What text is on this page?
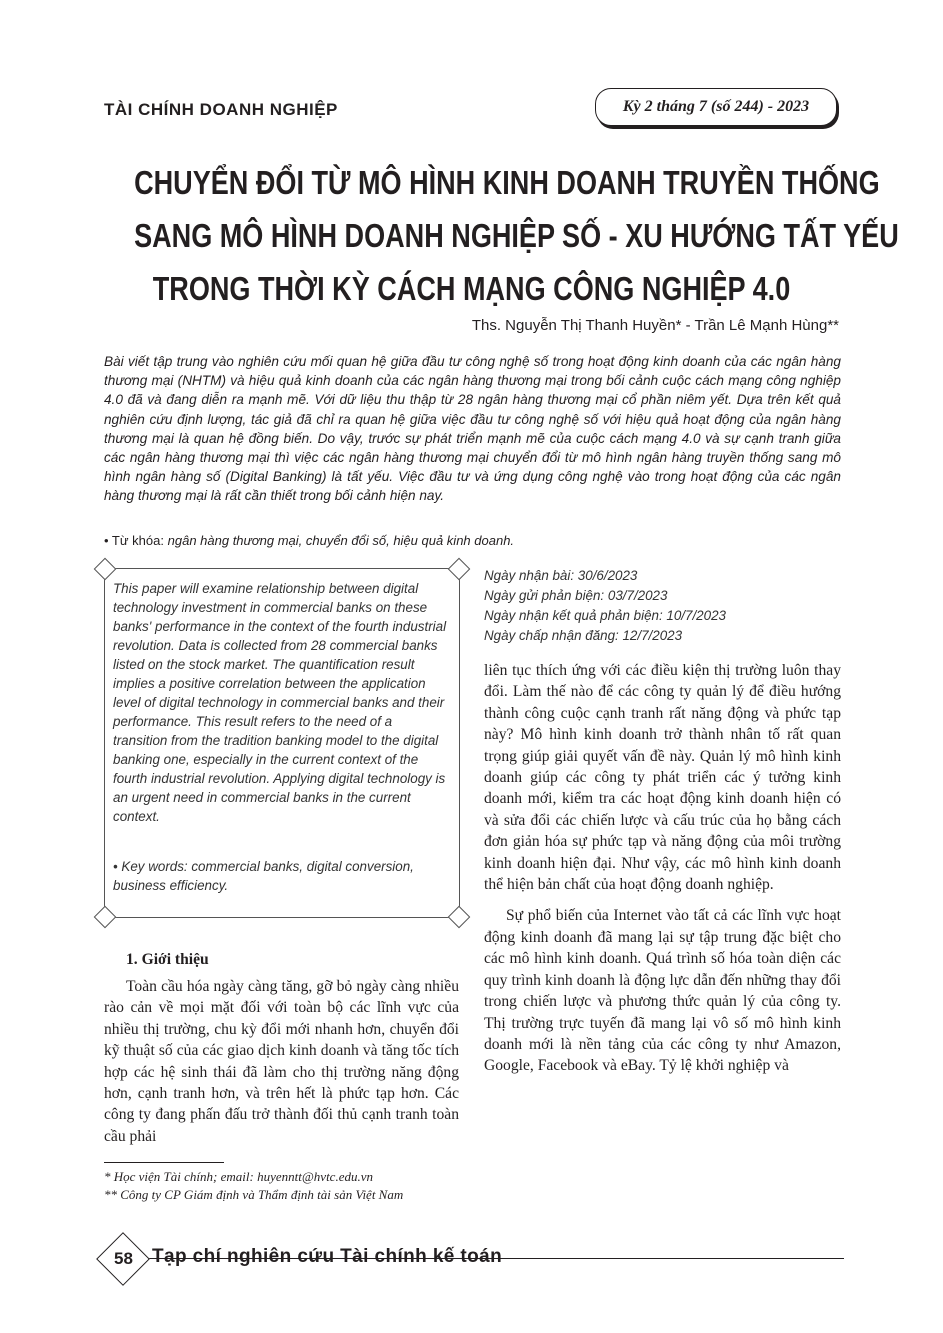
TÀI CHÍNH DOANH NGHIỆP	Kỳ 2 tháng 7 (số 244) - 2023
CHUYỂN ĐỔI TỪ MÔ HÌNH KINH DOANH TRUYỀN THỐNG
SANG MÔ HÌNH DOANH NGHIỆP SỐ - XU HƯỚNG TẤT YẾU
TRONG THỜI KỲ CÁCH MẠNG CÔNG NGHIỆP 4.0
Ths. Nguyễn Thị Thanh Huyền* - Trần Lê Mạnh Hùng**
Bài viết tập trung vào nghiên cứu mối quan hệ giữa đầu tư công nghệ số trong hoạt động kinh doanh của các ngân hàng thương mại (NHTM) và hiệu quả kinh doanh của các ngân hàng thương mại trong bối cảnh cuộc cách mạng công nghiệp 4.0 đã và đang diễn ra mạnh mẽ. Với dữ liệu thu thập từ 28 ngân hàng thương mại cổ phần niêm yết. Dựa trên kết quả nghiên cứu định lượng, tác giả đã chỉ ra quan hệ giữa việc đầu tư công nghệ số với hiệu quả hoạt động của ngân hàng thương mại là quan hệ đồng biến. Do vậy, trước sự phát triển mạnh mẽ của cuộc cách mạng 4.0 và sự cạnh tranh giữa các ngân hàng thương mại thì việc các ngân hàng thương mại chuyển đổi từ mô hình ngân hàng truyền thống sang mô hình ngân hàng số (Digital Banking) là tất yếu. Việc đầu tư và ứng dụng công nghệ vào trong hoạt động của các ngân hàng thương mại là rất cần thiết trong bối cảnh hiện nay.
• Từ khóa: ngân hàng thương mại, chuyển đổi số, hiệu quả kinh doanh.
This paper will examine relationship between digital technology investment in commercial banks on these banks' performance in the context of the fourth industrial revolution. Data is collected from 28 commercial banks listed on the stock market. The quantification result implies a positive correlation between the application level of digital technology in commercial banks and their performance. This result refers to the need of a transition from the tradition banking model to the digital banking one, especially in the current context of the fourth industrial revolution. Applying digital technology is an urgent need in commercial banks in the current context.
• Key words: commercial banks, digital conversion, business efficiency.
Ngày nhận bài: 30/6/2023
Ngày gửi phản biện: 03/7/2023
Ngày nhận kết quả phản biện: 10/7/2023
Ngày chấp nhận đăng: 12/7/2023
1. Giới thiệu

Toàn cầu hóa ngày càng tăng, gỡ bỏ ngày càng nhiều rào cản về mọi mặt đối với toàn bộ các lĩnh vực của nhiều thị trường, chu kỳ đổi mới nhanh hơn, chuyển đổi kỹ thuật số của các giao dịch kinh doanh và tăng tốc tích hợp các hệ sinh thái đã làm cho thị trường năng động hơn, cạnh tranh hơn, và trên hết là phức tạp hơn. Các công ty đang phấn đấu trở thành đối thủ cạnh tranh toàn cầu phải

liên tục thích ứng với các điều kiện thị trường luôn thay đổi. Làm thế nào để các công ty quản lý để điều hướng thành công cuộc cạnh tranh rất năng động và phức tạp này? Mô hình kinh doanh trở thành nhân tố rất quan trọng giúp giải quyết vấn đề này. Quản lý mô hình kinh doanh giúp các công ty phát triển các ý tưởng kinh doanh mới, kiểm tra các hoạt động kinh doanh hiện có và sửa đổi các chiến lược và cấu trúc của họ bằng cách đơn giản hóa sự phức tạp và năng động của môi trường kinh doanh hiện đại. Như vậy, các mô hình kinh doanh thể hiện bản chất của hoạt động doanh nghiệp.

Sự phổ biến của Internet vào tất cả các lĩnh vực hoạt động kinh doanh đã mang lại sự tập trung đặc biệt cho các mô hình kinh doanh. Quá trình số hóa toàn diện các quy trình kinh doanh là động lực dẫn đến những thay đổi trong chiến lược và phương thức quản lý của công ty. Thị trường trực tuyến đã mang lại vô số mô hình kinh doanh mới là nền tảng của các công ty như Amazon, Google, Facebook và eBay. Tỷ lệ khởi nghiệp và

* Học viện Tài chính; email: huyenntt@hvtc.edu.vn
** Công ty CP Giám định và Thẩm định tài sản Việt Nam
58	Tạp chí nghiên cứu Tài chính kế toán
